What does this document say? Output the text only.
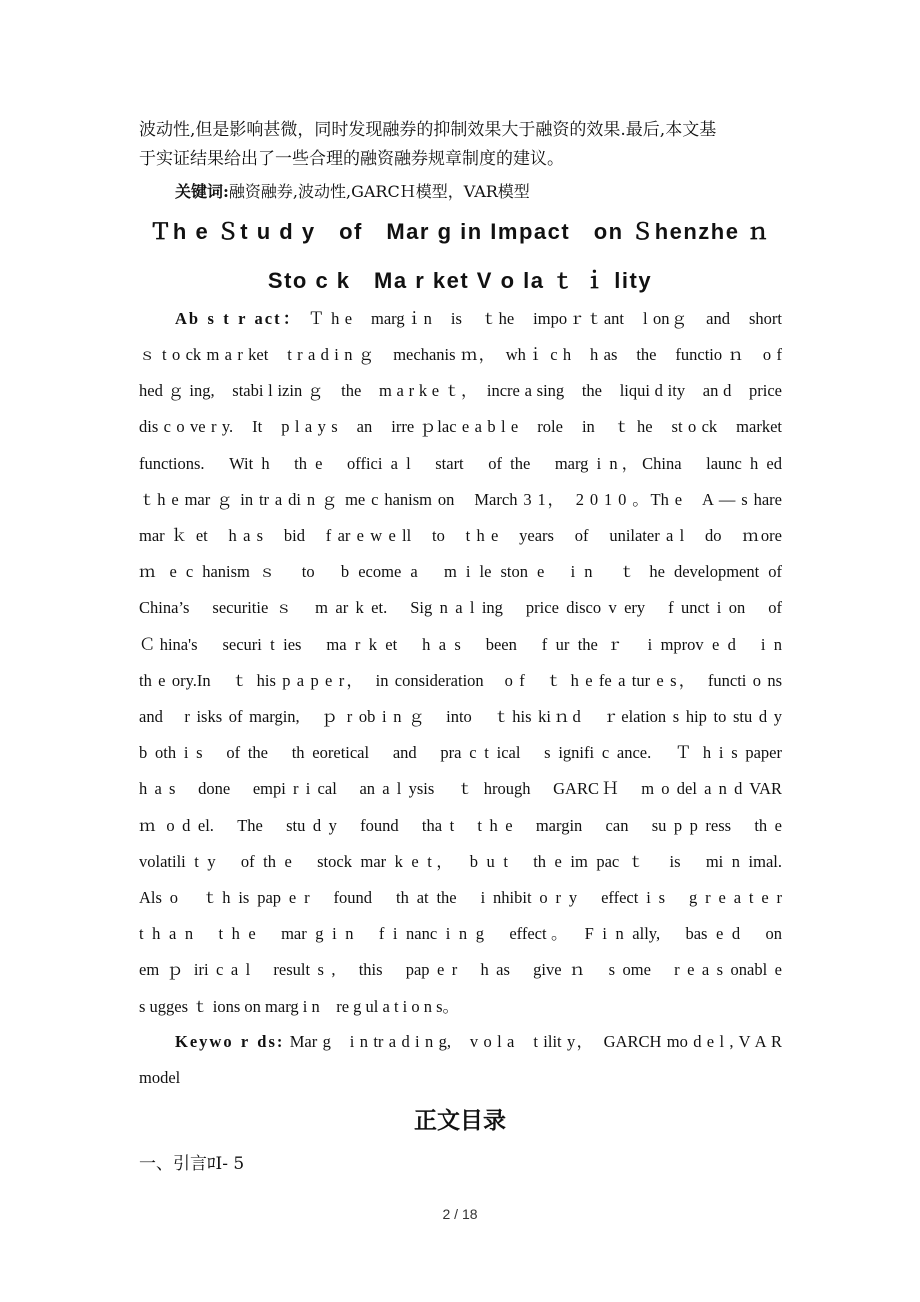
波动性,但是影响甚微，同时发现融券的抑制效果大于融资的效果.最后,本文基
于实证结果给出了一些合理的融资融券规章制度的建议。
关键词:融资融券,波动性,GARCＨ模型，VAR模型
Ｔh e Ｓt u d y　of　Mar g in Impact　on Ｓhenzhe ｎ
Sto c k　Ma r ket V o la ｔ ｉ lity
Ab s t r act： Ｔ h e　margｉn　is　ｔhe　impoｒｔant　l onｇ　and　short
ｓ t o ck m a r ket　t r a d i n ｇ　mechanis ｍ，　whｉ c h　h as　the　functio ｎ　o f
hed ｇ ing,　stabi l izin ｇ　the　m a r k e ｔ，　incre a sing　the　liqui d ity　an d　price
dis c o ve r y.　It　p l a y s　an　irre ｐlac e a b l e　role　in　ｔ he　st o ck　market
functions.　Wit h　th e　offici a l　start　of the　marg i n，China　launc h ed
ｔh e mar ｇ in tr a di n ｇ me c hanism on　March 3 1，　2 0 1 0 。Th e　A — s hare
mar ｋ et　h a s　bid　f ar e w e ll　to　t h e　years　of　unilater a l　do　ｍore
ｍ e c hanism ｓ　to　b ecome a　m i le ston e　i n　ｔ he development of
China’s　securitie ｓ　m ar k et.　Sig n a l ing　price disco v ery　f unct i on　of
Ｃhina's　securi t ies　ma r k et　h a s　been　f ur the ｒ　i mprov e d　i n
th e ory.In　ｔ his p a p e r，　in consideration　o f　ｔ h e fe a tur e s，　functi o ns
and　r isks of margin,　ｐ r ob i n ｇ　into　ｔhis kiｎd　ｒelation s hip to stu d y
b oth i s　of the　th eoretical　and　pra c t ical　s ignifi c ance.　Ｔ h i s paper
h a s　done　empi r i cal　an a l ysis　ｔ hrough　GARCＨ　m o del a n d VAR
ｍ o d el.　The　stu d y　found　tha t　t h e　margin　can　su p p ress　th e
volatili t y　of th e　stock mar k e t，　b u t　th e im pac ｔ　is　mi n imal.
Als o　ｔh is pap e r　found　th at the　i nhibit o r y　effect i s　g r e a t e r
t h a n　t h e　mar g i n　f i nanc i n g　effect。　F i n ally,　bas e d　on
em ｐ iri c a l　result s ,　this　pap e r　h as　give ｎ　s ome　r e a s onabl e
s ugges ｔ ions on marg i n　re g ul a t i o n s。
Keywo r ds: Mar g　i n tr a d i n g,　v o l a　t ilit y，　GARCH mo d e l , V A R
model
正文目录
一、引言ﾛI- 5
2 / 18
